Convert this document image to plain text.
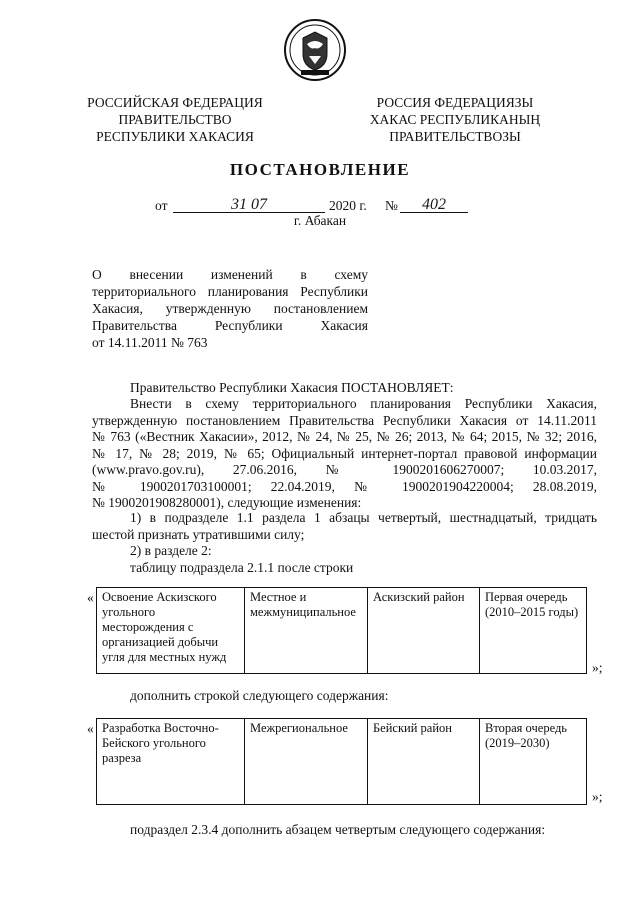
РОССИЙСКАЯ ФЕДЕРАЦИЯ
ПРАВИТЕЛЬСТВО
РЕСПУБЛИКИ ХАКАСИЯ
РОССИЯ ФЕДЕРАЦИЯЗЫ
ХАКАС РЕСПУБЛИКАНЫҢ
ПРАВИТЕЛЬСТВОЗЫ
ПОСТАНОВЛЕНИЕ
от	31 07	2020 г. №	402
г. Абакан
О внесении изменений в схему
территориального планирования Республики
Хакасия, утвержденную постановлением
Правительства Республики Хакасия
от 14.11.2011 № 763
Правительство Республики Хакасия ПОСТАНОВЛЯЕТ:
Внести в схему территориального планирования Республики Хакасия,
утвержденную постановлением Правительства Республики Хакасия от 14.11.2011
№ 763 («Вестник Хакасии», 2012, № 24, № 25, № 26; 2013, № 64; 2015, № 32; 2016,
№ 17, № 28; 2019, № 65; Официальный интернет-портал правовой информации
(www.pravo.gov.ru), 27.06.2016, № 1900201606270007; 10.03.2017,
№ 1900201703100001; 22.04.2019, № 1900201904220004; 28.08.2019,
№ 1900201908280001), следующие изменения:
1) в подразделе 1.1 раздела 1 абзацы четвертый, шестнадцатый, тридцать
шестой признать утратившими силу;
2) в разделе 2:
таблицу подраздела 2.1.1 после строки
« Освоение Аскизского угольного месторождения с организацией добычи угля для местных нужд	Местное и межмуниципальное	Аскизский район	Первая очередь (2010–2015 годы)
»;
дополнить строкой следующего содержания:
« Разработка Восточно-Бейского угольного разреза	Межрегиональное	Бейский район	Вторая очередь (2019–2030)
»;
подраздел 2.3.4 дополнить абзацем четвертым следующего содержания:
